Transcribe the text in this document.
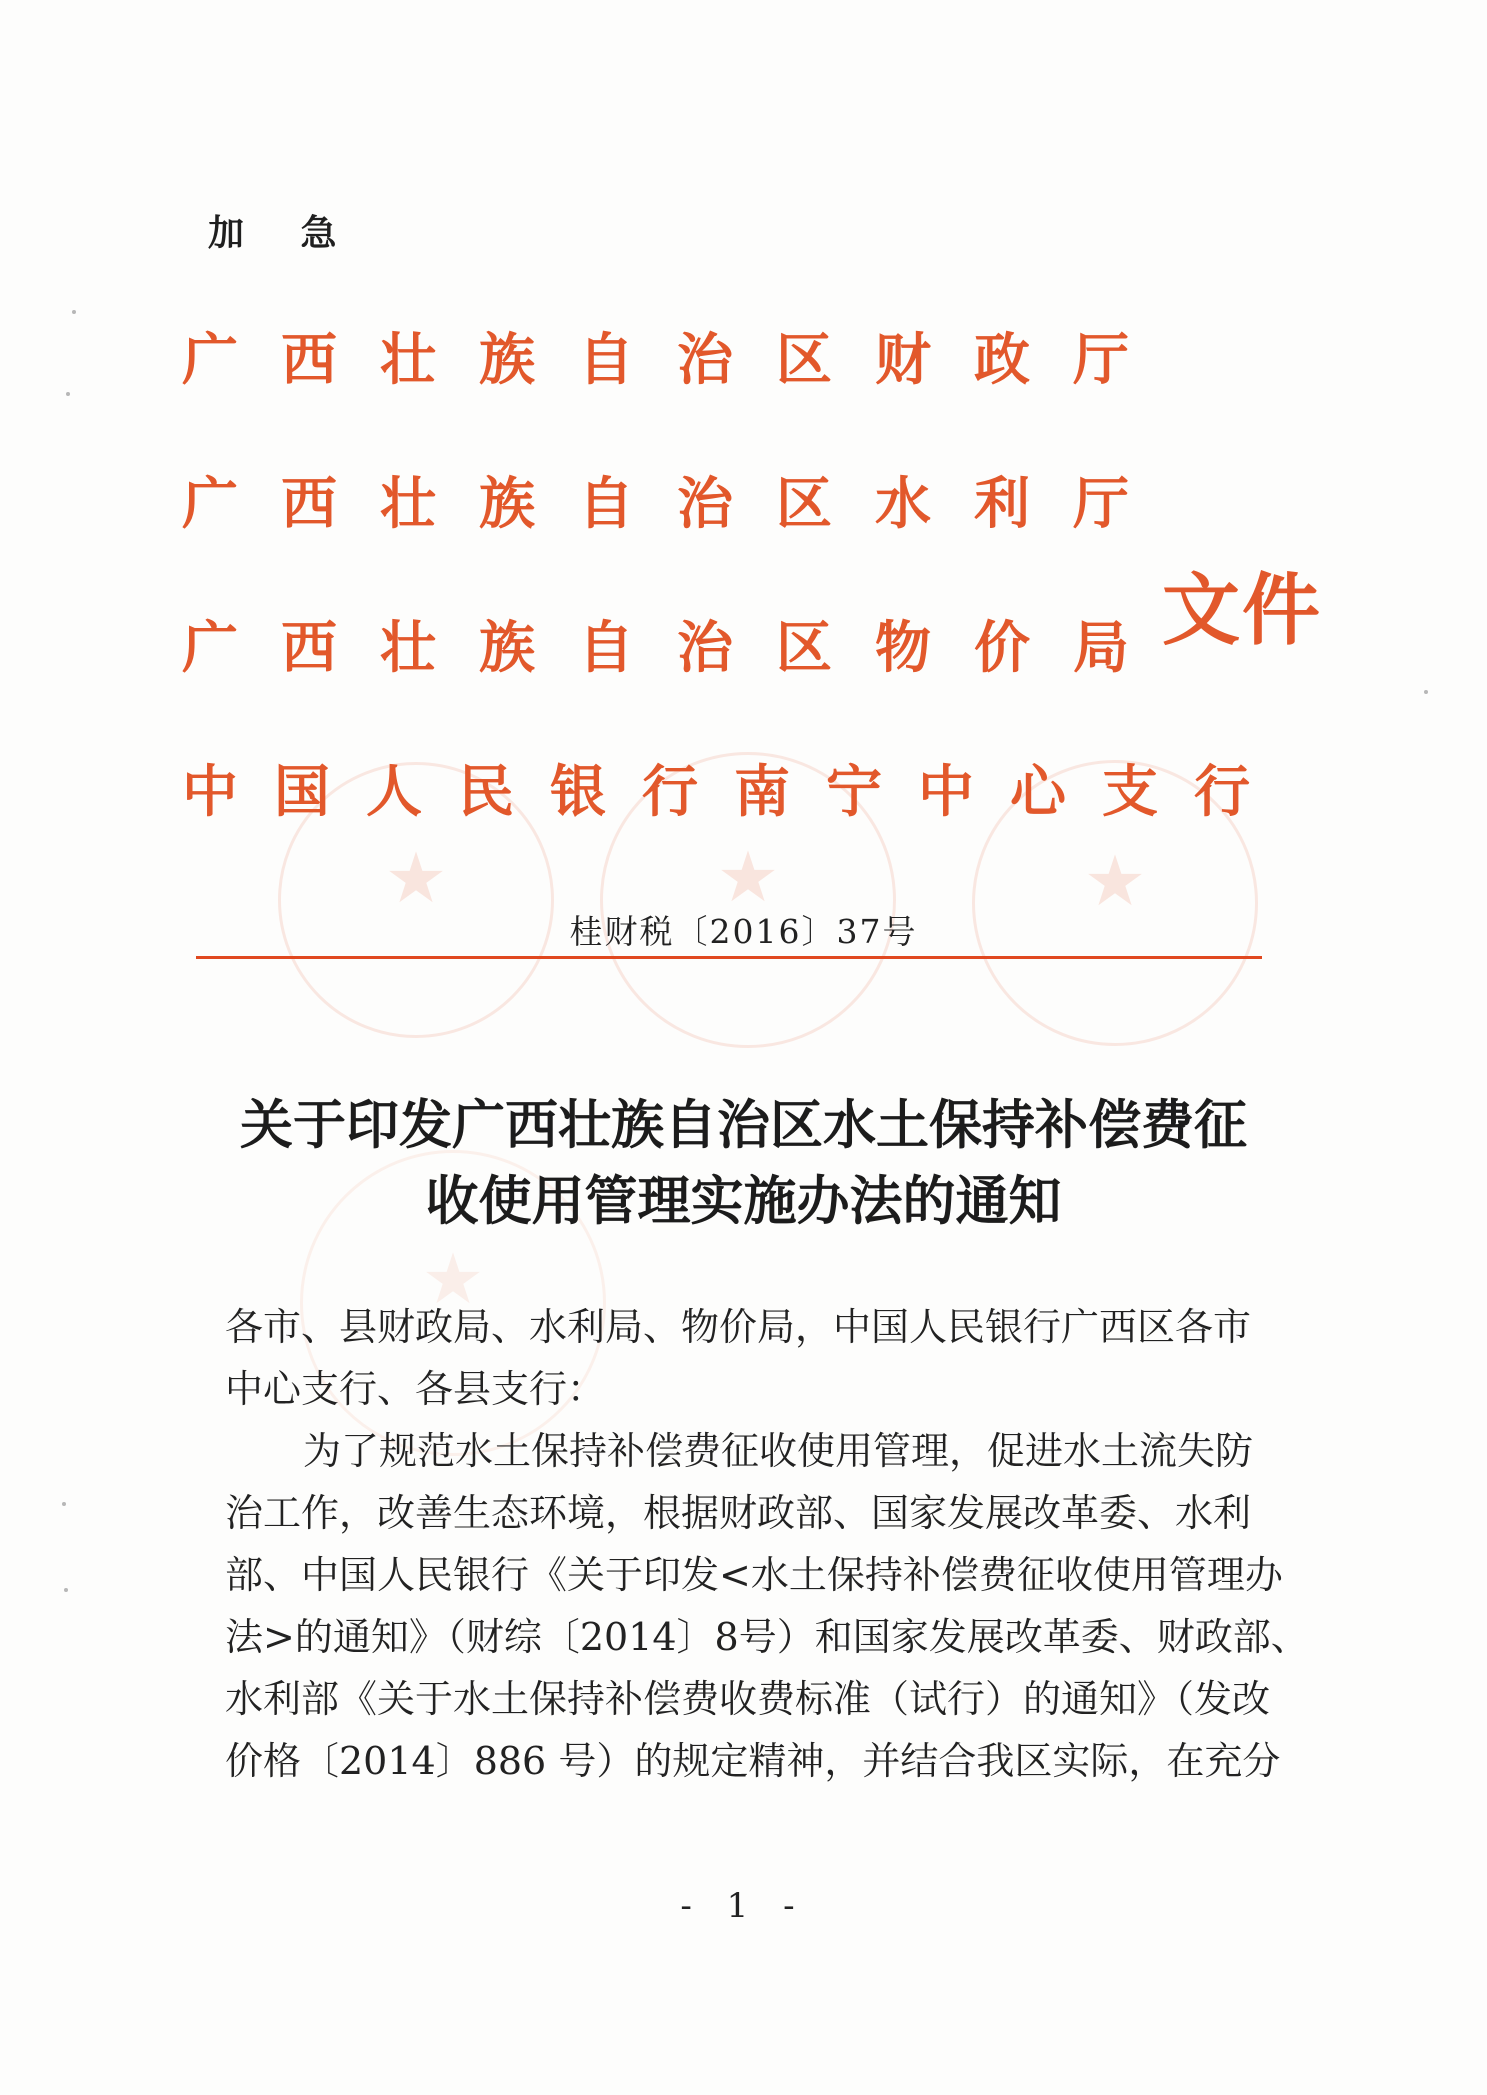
★
★
★
★
加 急
广西壮族自治区财政厅
广西壮族自治区水利厅
广西壮族自治区物价局
中国人民银行南宁中心支行
文件
桂财税〔2016〕37号
关于印发广西壮族自治区水土保持补偿费征
收使用管理实施办法的通知
各市、县财政局、水利局、物价局，中国人民银行广西区各市
中心支行、各县支行：
为了规范水土保持补偿费征收使用管理，促进水土流失防
治工作，改善生态环境，根据财政部、国家发展改革委、水利
部、中国人民银行《关于印发<水土保持补偿费征收使用管理办
法>的通知》（财综〔2014〕8号）和国家发展改革委、财政部、
水利部《关于水土保持补偿费收费标准（试行）的通知》（发改
价格〔2014〕886 号）的规定精神，并结合我区实际，在充分
- 1 -
